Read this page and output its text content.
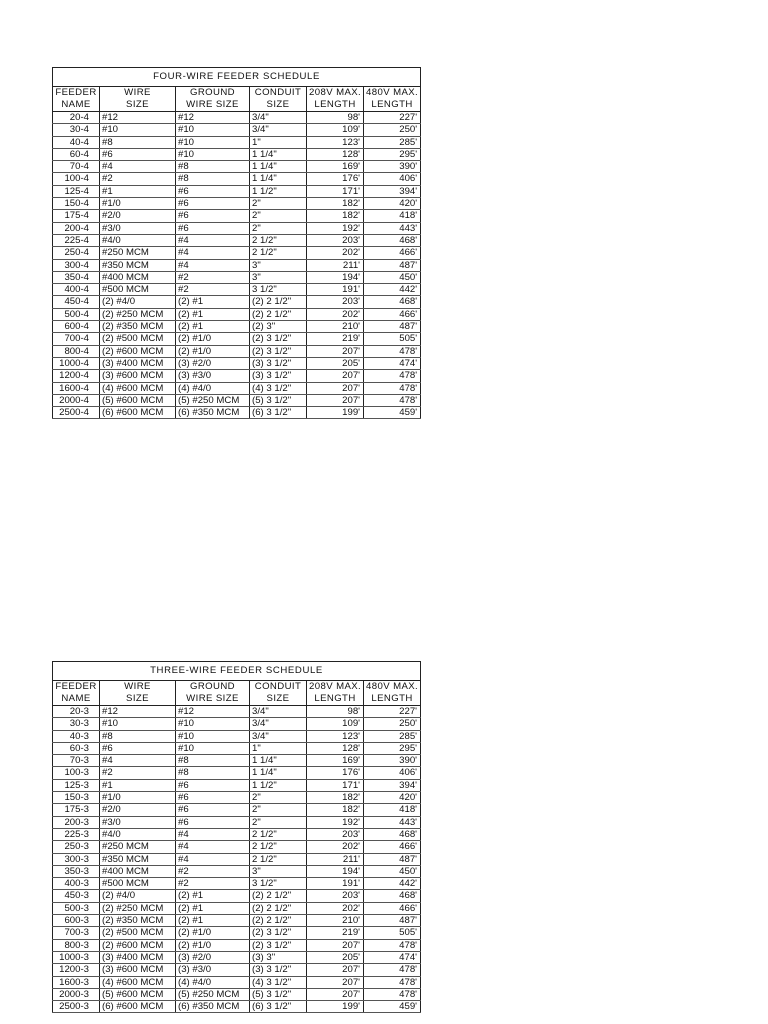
FOUR-WIRE FEEDER SCHEDULE					
FEEDER	WIRE	GROUND	CONDUIT	208V MAX.	480V MAX.
NAME	SIZE	WIRE SIZE	SIZE	LENGTH	LENGTH
20-4	#12	#12	3/4"	98'	227'
30-4	#10	#10	3/4"	109'	250'
40-4	#8	#10	1"	123'	285'
60-4	#6	#10	1 1/4"	128'	295'
70-4	#4	#8	1 1/4"	169'	390'
100-4	#2	#8	1 1/4"	176'	406'
125-4	#1	#6	1 1/2"	171'	394'
150-4	#1/0	#6	2"	182'	420'
175-4	#2/0	#6	2"	182'	418'
200-4	#3/0	#6	2"	192'	443'
225-4	#4/0	#4	2 1/2"	203'	468'
250-4	#250 MCM	#4	2 1/2"	202'	466'
300-4	#350 MCM	#4	3"	211'	487'
350-4	#400 MCM	#2	3"	194'	450'
400-4	#500 MCM	#2	3 1/2"	191'	442'
450-4	(2) #4/0	(2) #1	(2) 2 1/2"	203'	468'
500-4	(2) #250 MCM	(2) #1	(2) 2 1/2"	202'	466'
600-4	(2) #350 MCM	(2) #1	(2) 3"	210'	487'
700-4	(2) #500 MCM	(2) #1/0	(2) 3 1/2"	219'	505'
800-4	(2) #600 MCM	(2) #1/0	(2) 3 1/2"	207'	478'
1000-4	(3) #400 MCM	(3) #2/0	(3) 3 1/2"	205'	474'
1200-4	(3) #600 MCM	(3) #3/0	(3) 3 1/2"	207'	478'
1600-4	(4) #600 MCM	(4) #4/0	(4) 3 1/2"	207'	478'
2000-4	(5) #600 MCM	(5) #250 MCM	(5) 3 1/2"	207'	478'
2500-4	(6) #600 MCM	(6) #350 MCM	(6) 3 1/2"	199'	459'
THREE-WIRE FEEDER SCHEDULE					
FEEDER	WIRE	GROUND	CONDUIT	208V MAX.	480V MAX.
NAME	SIZE	WIRE SIZE	SIZE	LENGTH	LENGTH
20-3	#12	#12	3/4"	98'	227'
30-3	#10	#10	3/4"	109'	250'
40-3	#8	#10	3/4"	123'	285'
60-3	#6	#10	1"	128'	295'
70-3	#4	#8	1 1/4"	169'	390'
100-3	#2	#8	1 1/4"	176'	406'
125-3	#1	#6	1 1/2"	171'	394'
150-3	#1/0	#6	2"	182'	420'
175-3	#2/0	#6	2"	182'	418'
200-3	#3/0	#6	2"	192'	443'
225-3	#4/0	#4	2 1/2"	203'	468'
250-3	#250 MCM	#4	2 1/2"	202'	466'
300-3	#350 MCM	#4	2 1/2"	211'	487'
350-3	#400 MCM	#2	3"	194'	450'
400-3	#500 MCM	#2	3 1/2"	191'	442'
450-3	(2) #4/0	(2) #1	(2) 2 1/2"	203'	468'
500-3	(2) #250 MCM	(2) #1	(2) 2 1/2"	202'	466'
600-3	(2) #350 MCM	(2) #1	(2) 2 1/2"	210'	487'
700-3	(2) #500 MCM	(2) #1/0	(2) 3 1/2"	219'	505'
800-3	(2) #600 MCM	(2) #1/0	(2) 3 1/2"	207'	478'
1000-3	(3) #400 MCM	(3) #2/0	(3) 3"	205'	474'
1200-3	(3) #600 MCM	(3) #3/0	(3) 3 1/2"	207'	478'
1600-3	(4) #600 MCM	(4) #4/0	(4) 3 1/2"	207'	478'
2000-3	(5) #600 MCM	(5) #250 MCM	(5) 3 1/2"	207'	478'
2500-3	(6) #600 MCM	(6) #350 MCM	(6) 3 1/2"	199'	459'
